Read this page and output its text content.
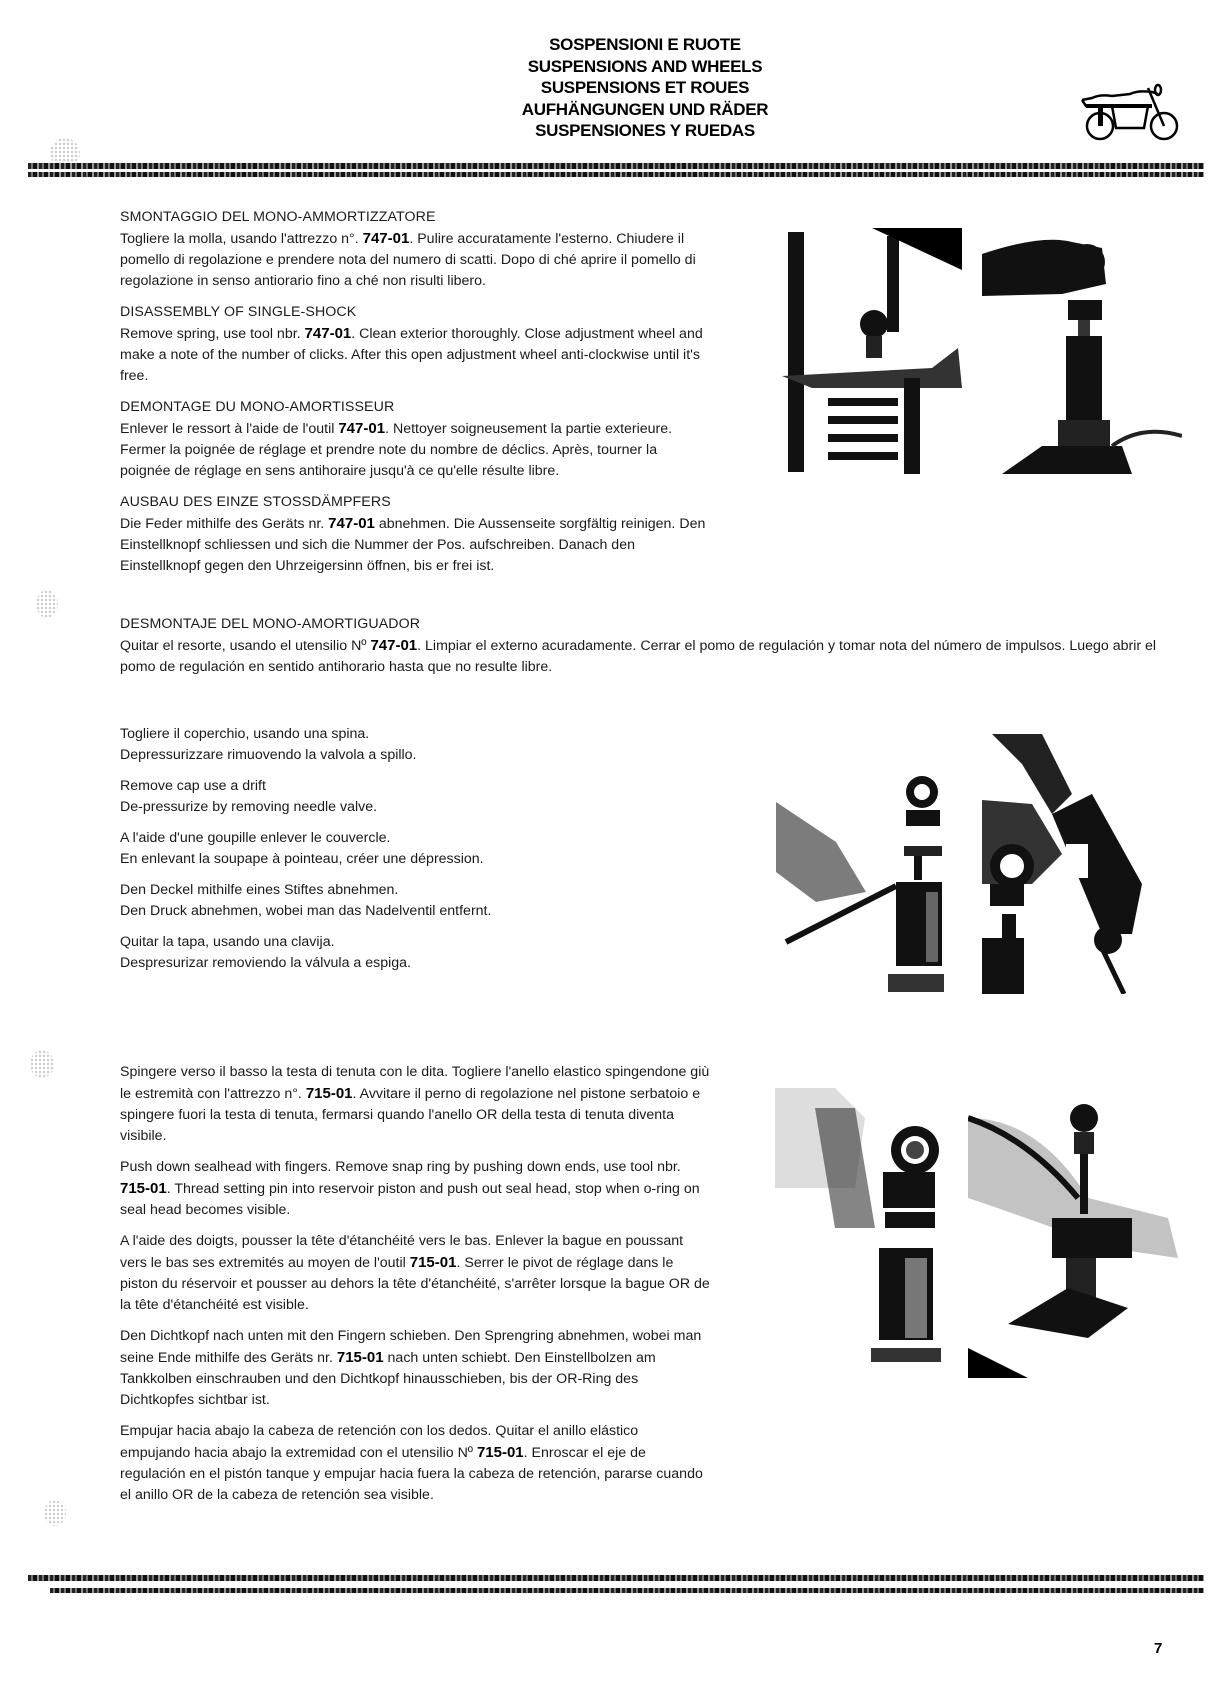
SOSPENSIONI E RUOTE
SUSPENSIONS AND WHEELS
SUSPENSIONS ET ROUES
AUFHÄNGUNGEN UND RÄDER
SUSPENSIONES Y RUEDAS
SMONTAGGIO DEL MONO-AMMORTIZZATORE

Togliere la molla, usando l'attrezzo n°. 747-01. Pulire accuratamente l'esterno. Chiudere il pomello di regolazione e prendere nota del numero di scatti. Dopo di ché aprire il pomello di regolazione in senso antiorario fino a ché non risulti libero.

DISASSEMBLY OF SINGLE-SHOCK

Remove spring, use tool nbr. 747-01. Clean exterior thoroughly. Close adjustment wheel and make a note of the number of clicks. After this open adjustment wheel anti-clockwise until it's free.

DEMONTAGE DU MONO-AMORTISSEUR

Enlever le ressort à l'aide de l'outil 747-01. Nettoyer soigneusement la partie exterieure. Fermer la poignée de réglage et prendre note du nombre de déclics. Après, tourner la poignée de réglage en sens antihoraire jusqu'à ce qu'elle résulte libre.

AUSBAU DES EINZE STOSSDÄMPFERS

Die Feder mithilfe des Geräts nr. 747-01 abnehmen. Die Aussenseite sorgfältig reinigen. Den Einstellknopf schliessen und sich die Nummer der Pos. aufschreiben. Danach den Einstellknopf gegen den Uhrzeigersinn öffnen, bis er frei ist.

DESMONTAJE DEL MONO-AMORTIGUADOR

Quitar el resorte, usando el utensilio Nº 747-01. Limpiar el externo acuradamente. Cerrar el pomo de regulación y tomar nota del número de impulsos. Luego abrir el pomo de regulación en sentido antihorario hasta que no resulte libre.

Togliere il coperchio, usando una spina.

Depressurizzare rimuovendo la valvola a spillo.

Remove cap use a drift

De-pressurize by removing needle valve.

A l'aide d'une goupille enlever le couvercle.

En enlevant la soupape à pointeau, créer une dépression.

Den Deckel mithilfe eines Stiftes abnehmen.

Den Druck abnehmen, wobei man das Nadelventil entfernt.

Quitar la tapa, usando una clavija.

Despresurizar removiendo la válvula a espiga.

Spingere verso il basso la testa di tenuta con le dita. Togliere l'anello elastico spingendone giù le estremità con l'attrezzo n°. 715-01. Avvitare il perno di regolazione nel pistone serbatoio e spingere fuori la testa di tenuta, fermarsi quando l'anello OR della testa di tenuta diventa visibile.

Push down sealhead with fingers. Remove snap ring by pushing down ends, use tool nbr. 715-01. Thread setting pin into reservoir piston and push out seal head, stop when o-ring on seal head becomes visible.

A l'aide des doigts, pousser la tête d'étanchéité vers le bas. Enlever la bague en poussant vers le bas ses extremités au moyen de l'outil 715-01. Serrer le pivot de réglage dans le piston du réservoir et pousser au dehors la tête d'étanchéité, s'arrêter lorsque la bague OR de la tête d'étanchéité est visible.

Den Dichtkopf nach unten mit den Fingern schieben. Den Sprengring abnehmen, wobei man seine Ende mithilfe des Geräts nr. 715-01 nach unten schiebt. Den Einstellbolzen am Tankkolben einschrauben und den Dichtkopf hinausschieben, bis der OR-Ring des Dichtkopfes sichtbar ist.

Empujar hacia abajo la cabeza de retención con los dedos. Quitar el anillo elástico empujando hacia abajo la extremidad con el utensilio Nº 715-01. Enroscar el eje de regulación en el pistón tanque y empujar hacia fuera la cabeza de retención, pararse cuando el anillo OR de la cabeza de retención sea visible.

7
